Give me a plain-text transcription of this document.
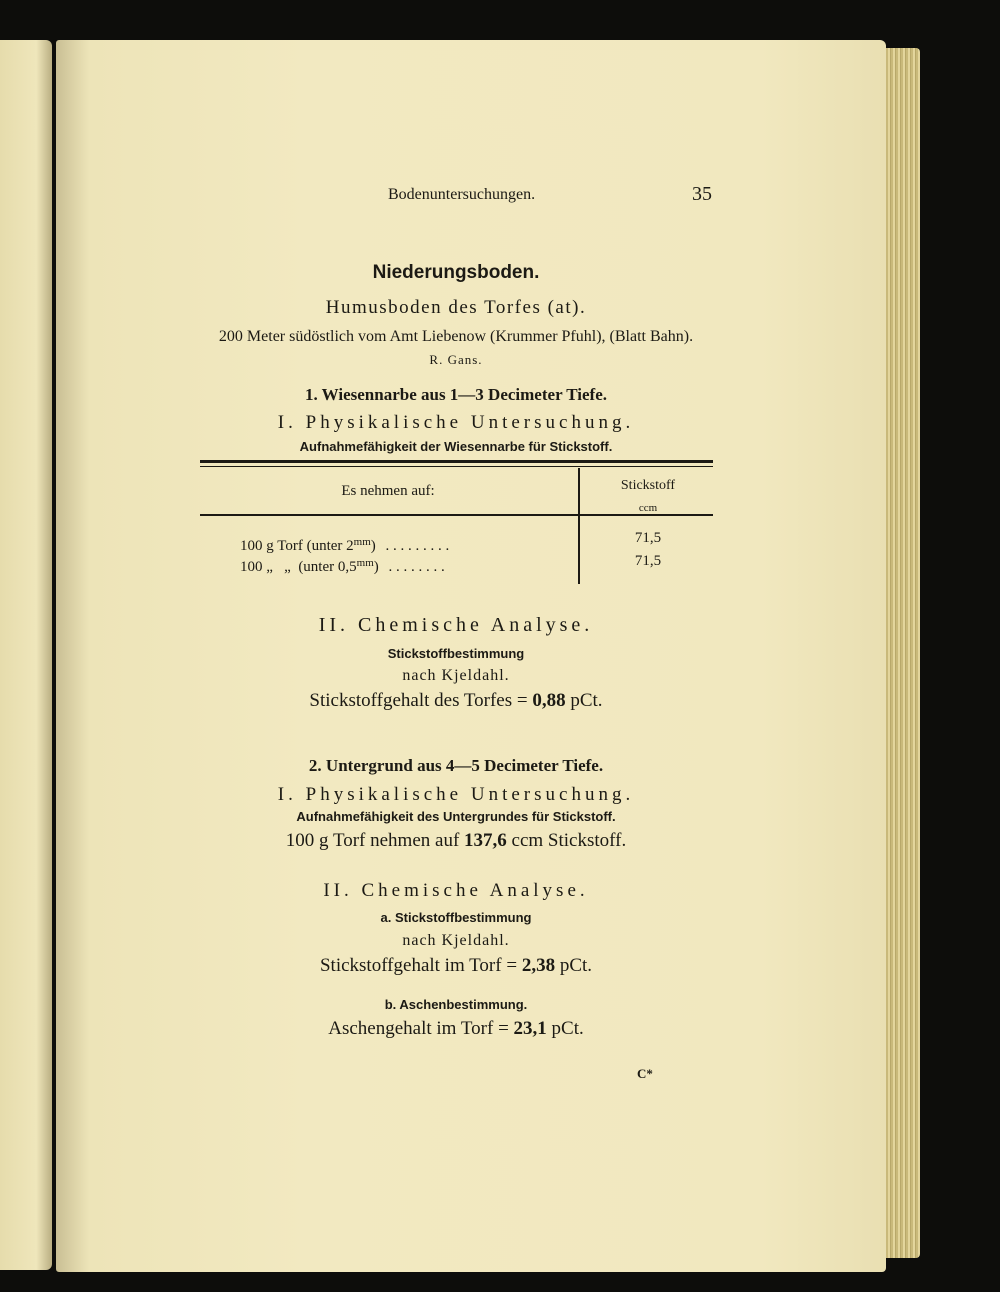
Bodenuntersuchungen.	35
Niederungsboden.
Humusboden des Torfes (at).
200 Meter südöstlich vom Amt Liebenow (Krummer Pfuhl), (Blatt Bahn).
R. Gans.
1. Wiesennarbe aus 1—3 Decimeter Tiefe.
I. Physikalische Untersuchung.
Aufnahmefähigkeit der Wiesennarbe für Stickstoff.
Es nehmen auf:	Stickstoff
ccm
100 g Torf (unter $2^{mm}$) . . . . . . . . .	71,5
100 „   „  (unter $0,5^{mm}$) . . . . . . . .	71,5
II. Chemische Analyse.
Stickstoffbestimmung
nach Kjeldahl.
Stickstoffgehalt des Torfes = 0,88 pCt.
2. Untergrund aus 4—5 Decimeter Tiefe.
I. Physikalische Untersuchung.
Aufnahmefähigkeit des Untergrundes für Stickstoff.
100 g Torf nehmen auf 137,6 ccm Stickstoff.
II. Chemische Analyse.
a. Stickstoffbestimmung
nach Kjeldahl.
Stickstoffgehalt im Torf = 2,38 pCt.
b. Aschenbestimmung.
Aschengehalt im Torf = 23,1 pCt.
C*
